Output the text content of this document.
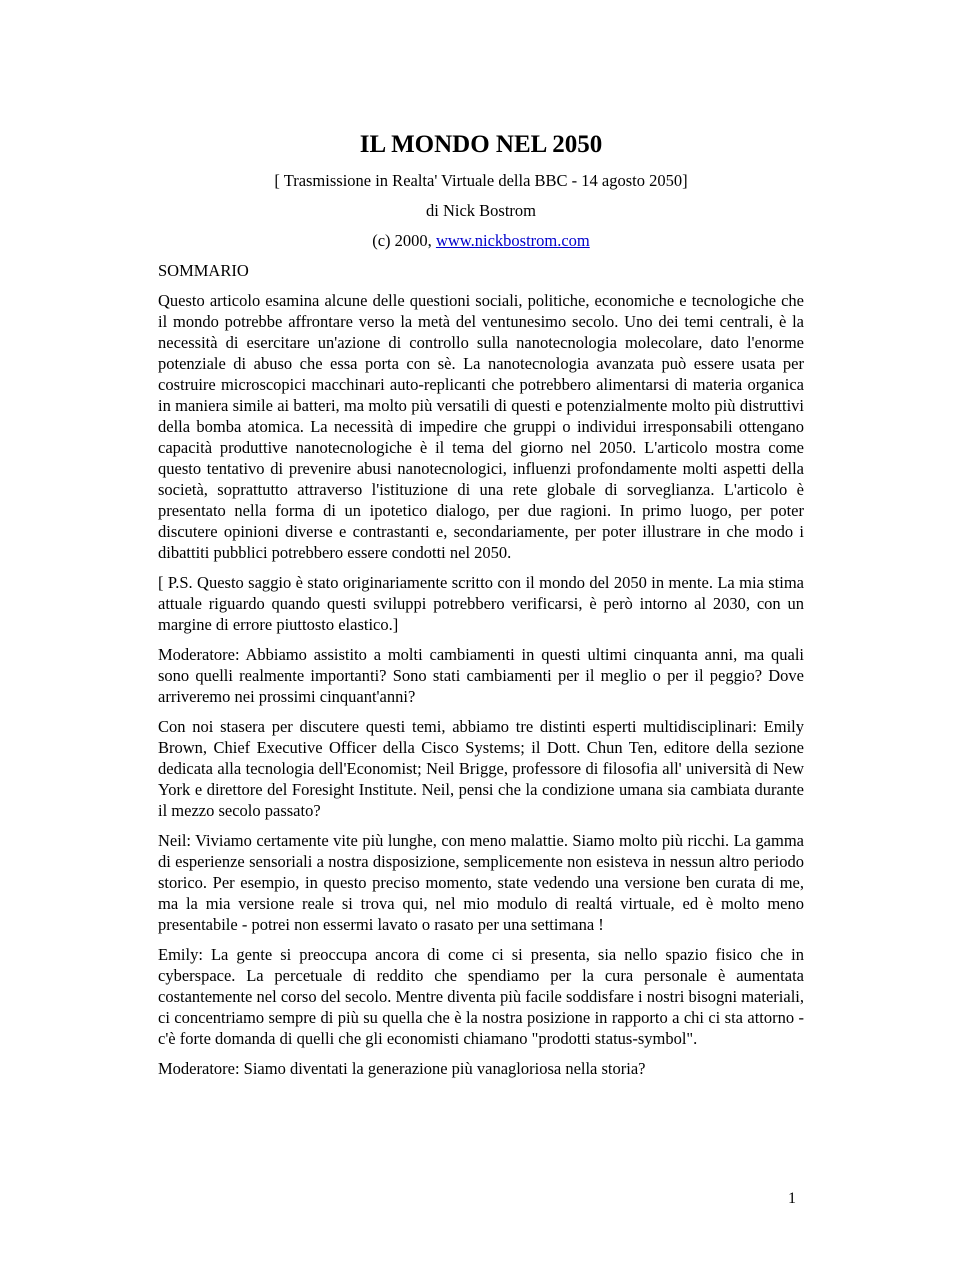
IL MONDO NEL 2050
[ Trasmissione in Realta' Virtuale della BBC - 14 agosto 2050]
di Nick Bostrom
(c) 2000, www.nickbostrom.com
SOMMARIO

Questo articolo esamina alcune delle questioni sociali, politiche, economiche e tecnologiche che il mondo potrebbe affrontare verso la metà del ventunesimo secolo. Uno dei temi centrali, è la necessità di esercitare un'azione di controllo sulla nanotecnologia molecolare, dato l'enorme potenziale di abuso che essa porta con sè. La nanotecnologia avanzata può essere usata per costruire microscopici macchinari auto-replicanti che potrebbero alimentarsi di materia organica in maniera simile ai batteri, ma molto più versatili di questi e potenzialmente molto più distruttivi della bomba atomica. La necessità di impedire che gruppi o individui irresponsabili ottengano capacità produttive nanotecnologiche è il tema del giorno nel 2050. L'articolo mostra come questo tentativo di prevenire abusi nanotecnologici, influenzi profondamente molti aspetti della società, soprattutto attraverso l'istituzione di una rete globale di sorveglianza. L'articolo è presentato nella forma di un ipotetico dialogo, per due ragioni. In primo luogo, per poter discutere opinioni diverse e contrastanti e, secondariamente, per poter illustrare in che modo i dibattiti pubblici potrebbero essere condotti nel 2050.

[ P.S. Questo saggio è stato originariamente scritto con il mondo del 2050 in mente. La mia stima attuale riguardo quando questi sviluppi potrebbero verificarsi, è però intorno al 2030, con un margine di errore piuttosto elastico.]

Moderatore: Abbiamo assistito a molti cambiamenti in questi ultimi cinquanta anni, ma quali sono quelli realmente importanti? Sono stati cambiamenti per il meglio o per il peggio? Dove arriveremo nei prossimi cinquant'anni?

Con noi stasera per discutere questi temi, abbiamo tre distinti esperti multidisciplinari: Emily Brown, Chief Executive Officer della Cisco Systems; il Dott. Chun Ten, editore della sezione dedicata alla tecnologia dell'Economist; Neil Brigge, professore di filosofia all' università di New York e direttore del Foresight Institute. Neil, pensi che la condizione umana sia cambiata durante il mezzo secolo passato?

Neil: Viviamo certamente vite più lunghe, con meno malattie. Siamo molto più ricchi. La gamma di esperienze sensoriali a nostra disposizione, semplicemente non esisteva in nessun altro periodo storico. Per esempio, in questo preciso momento, state vedendo una versione ben curata di me, ma la mia versione reale si trova qui, nel mio modulo di realtá virtuale, ed è molto meno presentabile - potrei non essermi lavato o rasato per una settimana !

Emily: La gente si preoccupa ancora di come ci si presenta, sia nello spazio fisico che in cyberspace. La percetuale di reddito che spendiamo per la cura personale è aumentata costantemente nel corso del secolo. Mentre diventa più facile soddisfare i nostri bisogni materiali, ci concentriamo sempre di più su quella che è la nostra posizione in rapporto a chi ci sta attorno - c'è forte domanda di quelli che gli economisti chiamano "prodotti status-symbol".

Moderatore: Siamo diventati la generazione più vanagloriosa nella storia?

1
